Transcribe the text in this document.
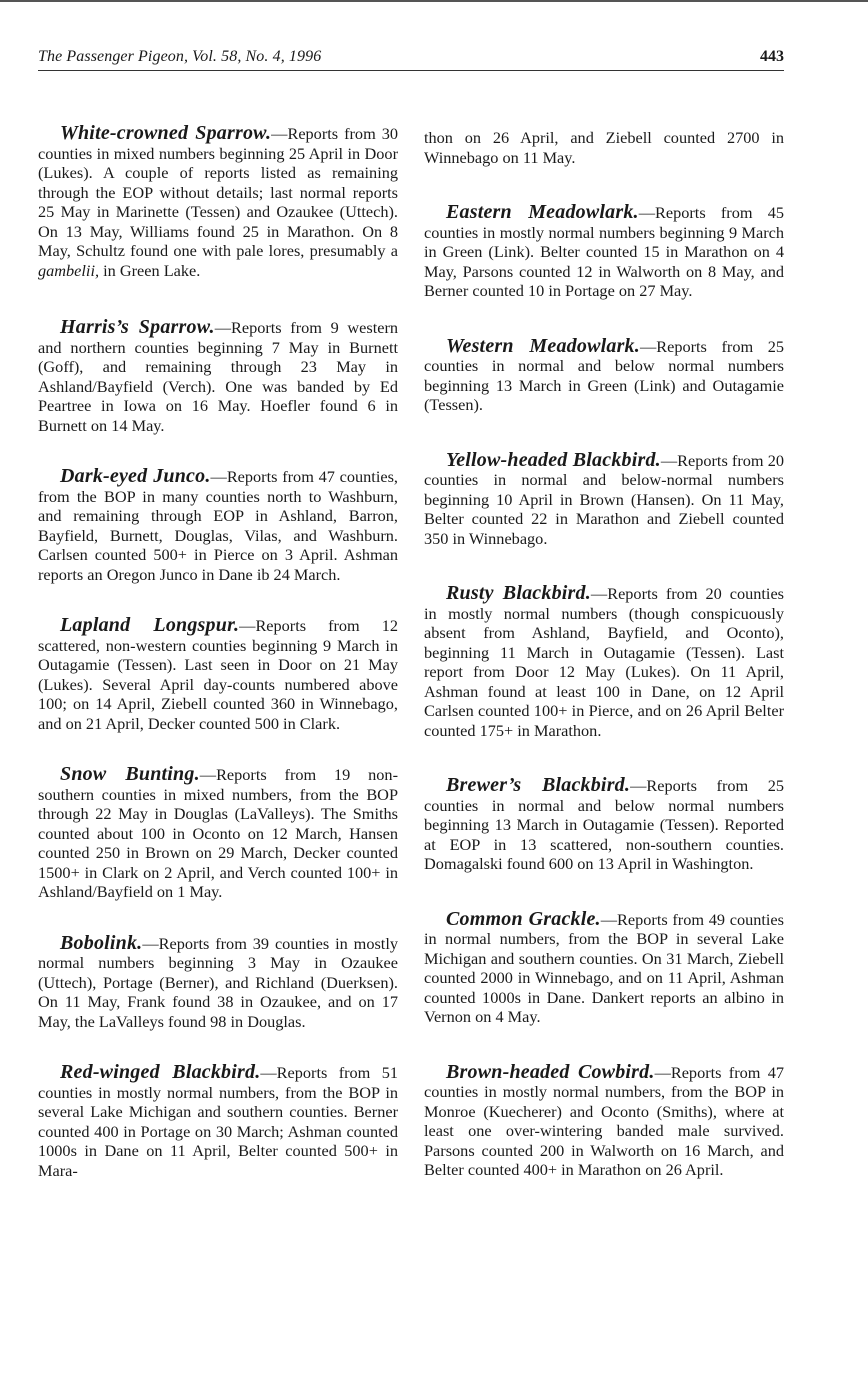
The Passenger Pigeon, Vol. 58, No. 4, 1996	443

White-crowned Sparrow.—Reports from 30 counties in mixed numbers beginning 25 April in Door (Lukes). A couple of reports listed as remaining through the EOP without details; last normal reports 25 May in Marinette (Tessen) and Ozaukee (Uttech). On 13 May, Williams found 25 in Marathon. On 8 May, Schultz found one with pale lores, presumably a gambelii, in Green Lake.

Harris’s Sparrow.—Reports from 9 western and northern counties beginning 7 May in Burnett (Goff), and remaining through 23 May in Ashland/Bayfield (Verch). One was banded by Ed Peartree in Iowa on 16 May. Hoefler found 6 in Burnett on 14 May.

Dark-eyed Junco.—Reports from 47 counties, from the BOP in many counties north to Washburn, and remaining through EOP in Ashland, Barron, Bayfield, Burnett, Douglas, Vilas, and Washburn. Carlsen counted 500+ in Pierce on 3 April. Ashman reports an Oregon Junco in Dane ib 24 March.

Lapland Longspur.—Reports from 12 scattered, non-western counties beginning 9 March in Outagamie (Tessen). Last seen in Door on 21 May (Lukes). Several April day-counts numbered above 100; on 14 April, Ziebell counted 360 in Winnebago, and on 21 April, Decker counted 500 in Clark.

Snow Bunting.—Reports from 19 non-southern counties in mixed numbers, from the BOP through 22 May in Douglas (LaValleys). The Smiths counted about 100 in Oconto on 12 March, Hansen counted 250 in Brown on 29 March, Decker counted 1500+ in Clark on 2 April, and Verch counted 100+ in Ashland/Bayfield on 1 May.

Bobolink.—Reports from 39 counties in mostly normal numbers beginning 3 May in Ozaukee (Uttech), Portage (Berner), and Richland (Duerksen). On 11 May, Frank found 38 in Ozaukee, and on 17 May, the LaValleys found 98 in Douglas.

Red-winged Blackbird.—Reports from 51 counties in mostly normal numbers, from the BOP in several Lake Michigan and southern counties. Berner counted 400 in Portage on 30 March; Ashman counted 1000s in Dane on 11 April, Belter counted 500+ in Mara-

thon on 26 April, and Ziebell counted 2700 in Winnebago on 11 May.

Eastern Meadowlark.—Reports from 45 counties in mostly normal numbers beginning 9 March in Green (Link). Belter counted 15 in Marathon on 4 May, Parsons counted 12 in Walworth on 8 May, and Berner counted 10 in Portage on 27 May.

Western Meadowlark.—Reports from 25 counties in normal and below normal numbers beginning 13 March in Green (Link) and Outagamie (Tessen).

Yellow-headed Blackbird.—Reports from 20 counties in normal and below-normal numbers beginning 10 April in Brown (Hansen). On 11 May, Belter counted 22 in Marathon and Ziebell counted 350 in Winnebago.

Rusty Blackbird.—Reports from 20 counties in mostly normal numbers (though conspicuously absent from Ashland, Bayfield, and Oconto), beginning 11 March in Outagamie (Tessen). Last report from Door 12 May (Lukes). On 11 April, Ashman found at least 100 in Dane, on 12 April Carlsen counted 100+ in Pierce, and on 26 April Belter counted 175+ in Marathon.

Brewer’s Blackbird.—Reports from 25 counties in normal and below normal numbers beginning 13 March in Outagamie (Tessen). Reported at EOP in 13 scattered, non-southern counties. Domagalski found 600 on 13 April in Washington.

Common Grackle.—Reports from 49 counties in normal numbers, from the BOP in several Lake Michigan and southern counties. On 31 March, Ziebell counted 2000 in Winnebago, and on 11 April, Ashman counted 1000s in Dane. Dankert reports an albino in Vernon on 4 May.

Brown-headed Cowbird.—Reports from 47 counties in mostly normal numbers, from the BOP in Monroe (Kuecherer) and Oconto (Smiths), where at least one over-wintering banded male survived. Parsons counted 200 in Walworth on 16 March, and Belter counted 400+ in Marathon on 26 April.
